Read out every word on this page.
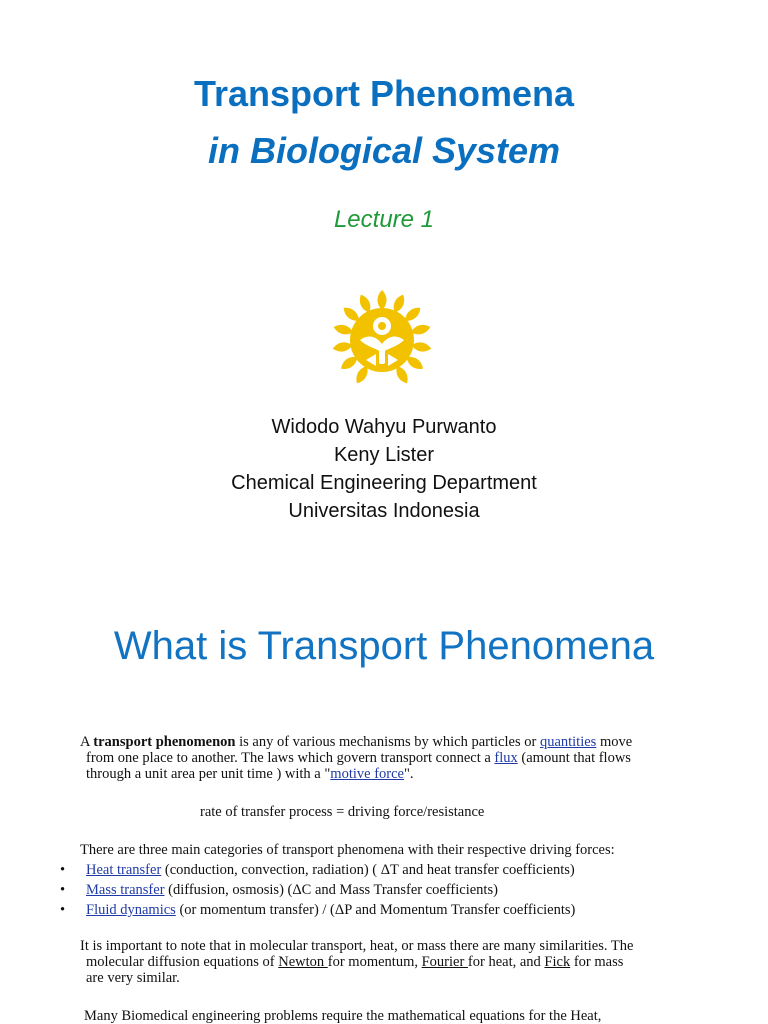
Transport Phenomena
in Biological System
Lecture 1
Widodo Wahyu Purwanto
Keny Lister
Chemical Engineering Department
Universitas Indonesia
What is Transport Phenomena
A transport phenomenon is any of various mechanisms by which particles or quantities move
from one place to another. The laws which govern transport connect a flux (amount that flows
through a unit area per unit time ) with a "motive force".
rate of transfer process = driving force/resistance
There are three main categories of transport phenomena with their respective driving forces:
• Heat transfer (conduction, convection, radiation) ( ΔT and heat transfer coefficients)
• Mass transfer (diffusion, osmosis) (ΔC and Mass Transfer coefficients)
• Fluid dynamics (or momentum transfer) / (ΔP and Momentum Transfer coefficients)
It is important to note that in molecular transport, heat, or mass there are many similarities. The
molecular diffusion equations of Newton for momentum, Fourier for heat, and Fick for mass
are very similar.
Many Biomedical engineering problems require the mathematical equations for the Heat,
